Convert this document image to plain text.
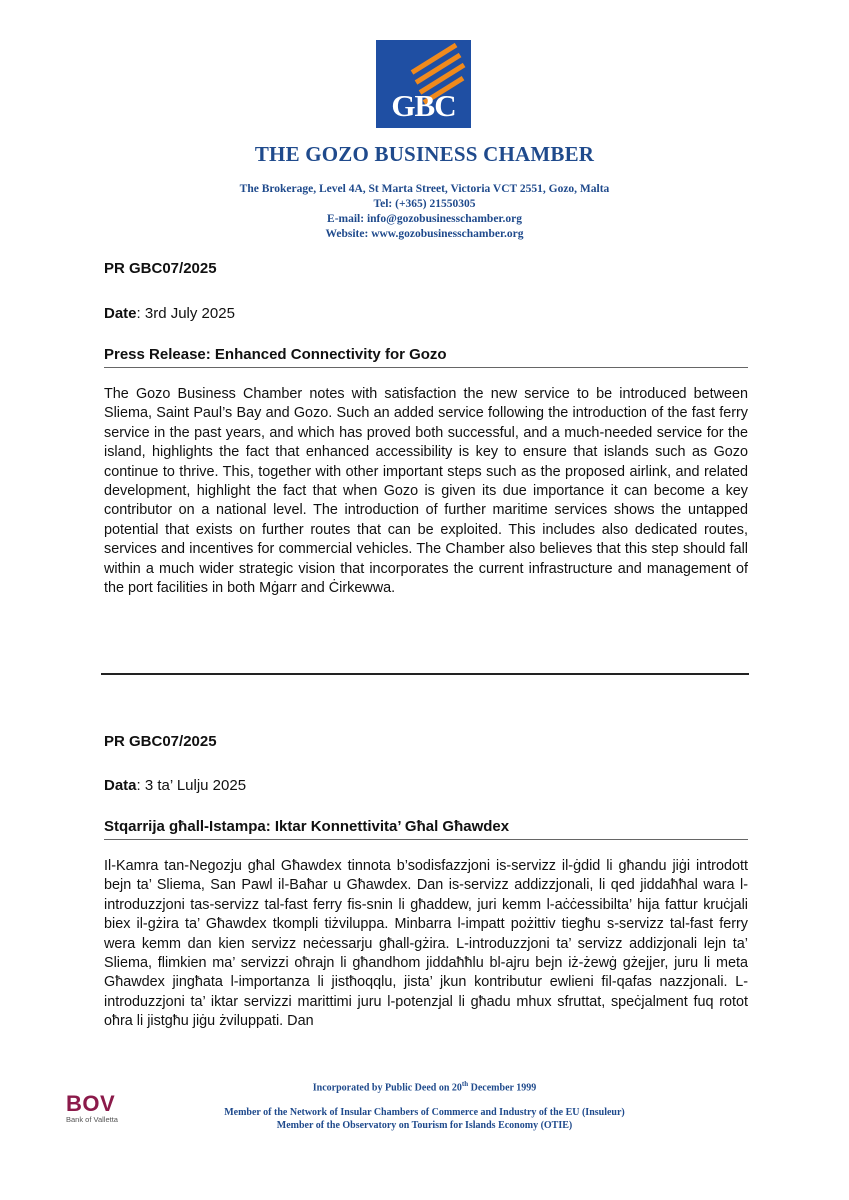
GBC
THE GOZO BUSINESS CHAMBER
The Brokerage, Level 4A, St Marta Street, Victoria VCT 2551, Gozo, Malta
Tel: (+365) 21550305
E-mail: info@gozobusinesschamber.org
Website: www.gozobusinesschamber.org
PR GBC07/2025
Date: 3rd July 2025
Press Release: Enhanced Connectivity for Gozo
The Gozo Business Chamber notes with satisfaction the new service to be introduced between Sliema, Saint Paul’s Bay and Gozo. Such an added service following the introduction of the fast ferry service in the past years, and which has proved both successful, and a much-needed service for the island, highlights the fact that enhanced accessibility is key to ensure that islands such as Gozo continue to thrive. This, together with other important steps such as the proposed airlink, and related development, highlight the fact that when Gozo is given its due importance it can become a key contributor on a national level. The introduction of further maritime services shows the untapped potential that exists on further routes that can be exploited. This includes also dedicated routes, services and incentives for commercial vehicles. The Chamber also believes that this step should fall within a much wider strategic vision that incorporates the current infrastructure and management of the port facilities in both Mġarr and Ċirkewwa.
PR GBC07/2025
Data: 3 ta’ Lulju 2025
Stqarrija għall-Istampa: Iktar Konnettivita’ Għal Għawdex
Il-Kamra tan-Negozju għal Għawdex tinnota b’sodisfazzjoni is-servizz il-ġdid li għandu jiġi introdott bejn ta’ Sliema, San Pawl il-Baħar u Għawdex. Dan is-servizz addizzjonali, li qed jiddaħħal wara l-introduzzjoni tas-servizz tal-fast ferry fis-snin li għaddew, juri kemm l-aċċessibilta’ hija fattur kruċjali biex il-gżira ta’ Għawdex tkompli tiżviluppa. Minbarra l-impatt pożittiv tiegħu s-servizz tal-fast ferry wera kemm dan kien servizz neċessarju għall-gżira. L-introduzzjoni ta’ servizz addizjonali lejn ta’ Sliema, flimkien ma’ servizzi oħrajn li għandhom jiddaħħlu bl-ajru bejn iż-żewġ gżejjer, juru li meta Għawdex jingħata l-importanza li jistħoqqlu, jista’ jkun kontributur ewlieni fil-qafas nazzjonali. L-introduzzjoni ta’ iktar servizzi marittimi juru l-potenzjal li għadu mhux sfruttat, speċjalment fuq rotot oħra li jistgħu jiġu żviluppati. Dan
Incorporated by Public Deed on 20th December 1999
Member of the Network of Insular Chambers of Commerce and Industry of the EU (Insuleur)
Member of the Observatory on Tourism for Islands Economy (OTIE)
BOV
Bank of Valletta
